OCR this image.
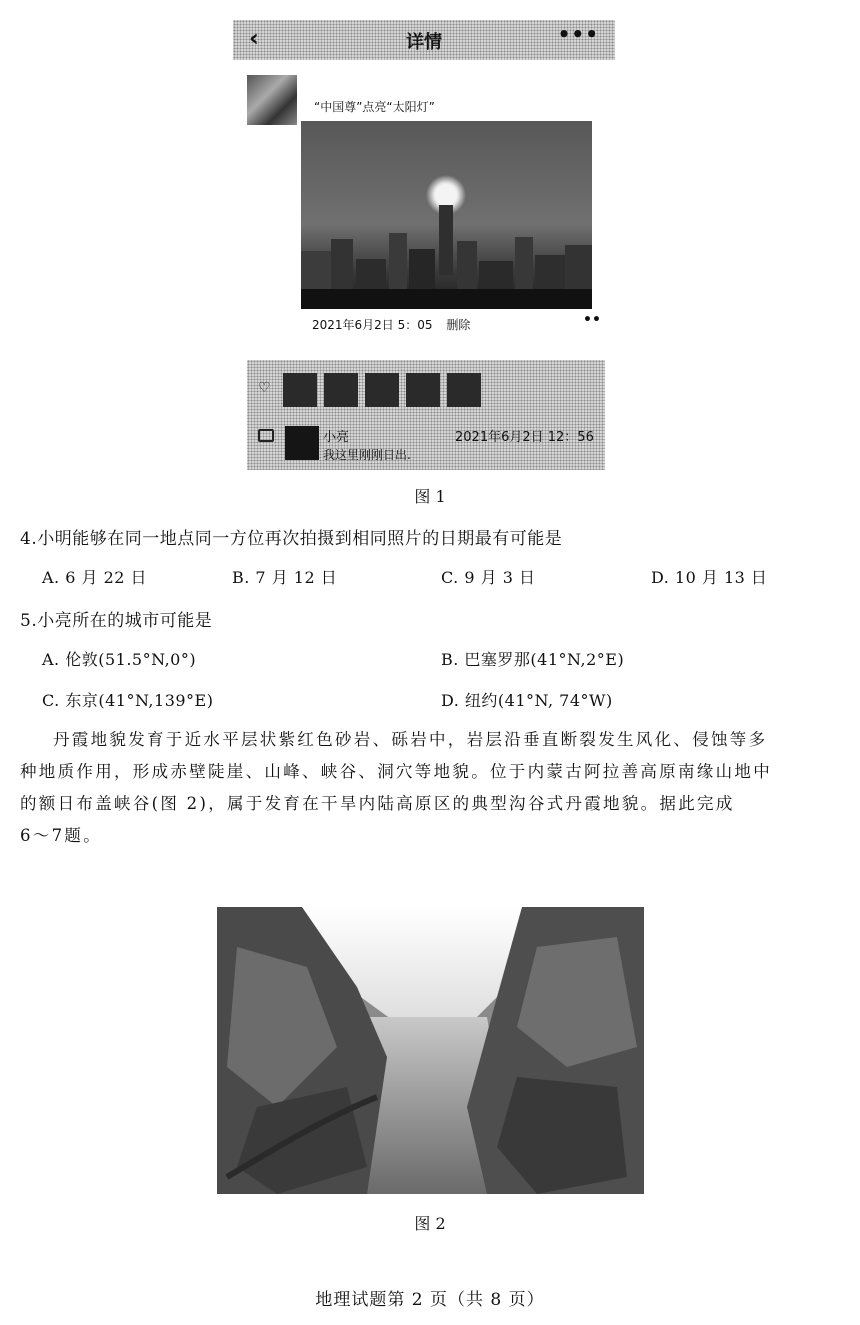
‹	详情	•••
“中国尊”点亮“太阳灯”
2021年6月2日 5：05 删除	••
♡
小亮	2021年6月2日 12：56
我这里刚刚日出.
图 1
4.小明能够在同一地点同一方位再次拍摄到相同照片的日期最有可能是
A. 6 月 22 日	B. 7 月 12 日	C. 9 月 3 日	D. 10 月 13 日
5.小亮所在的城市可能是
A. 伦敦(51.5°N,0°)	B. 巴塞罗那(41°N,2°E)
C. 东京(41°N,139°E)	D. 纽约(41°N, 74°W)

丹霞地貌发育于近水平层状紫红色砂岩、砾岩中，岩层沿垂直断裂发生风化、侵蚀等多

种地质作用，形成赤壁陡崖、山峰、峡谷、洞穴等地貌。位于内蒙古阿拉善高原南缘山地中

的额日布盖峡谷(图 2)，属于发育在干旱内陆高原区的典型沟谷式丹霞地貌。据此完成

6～7题。

图 2
地理试题第 2 页（共 8 页）
